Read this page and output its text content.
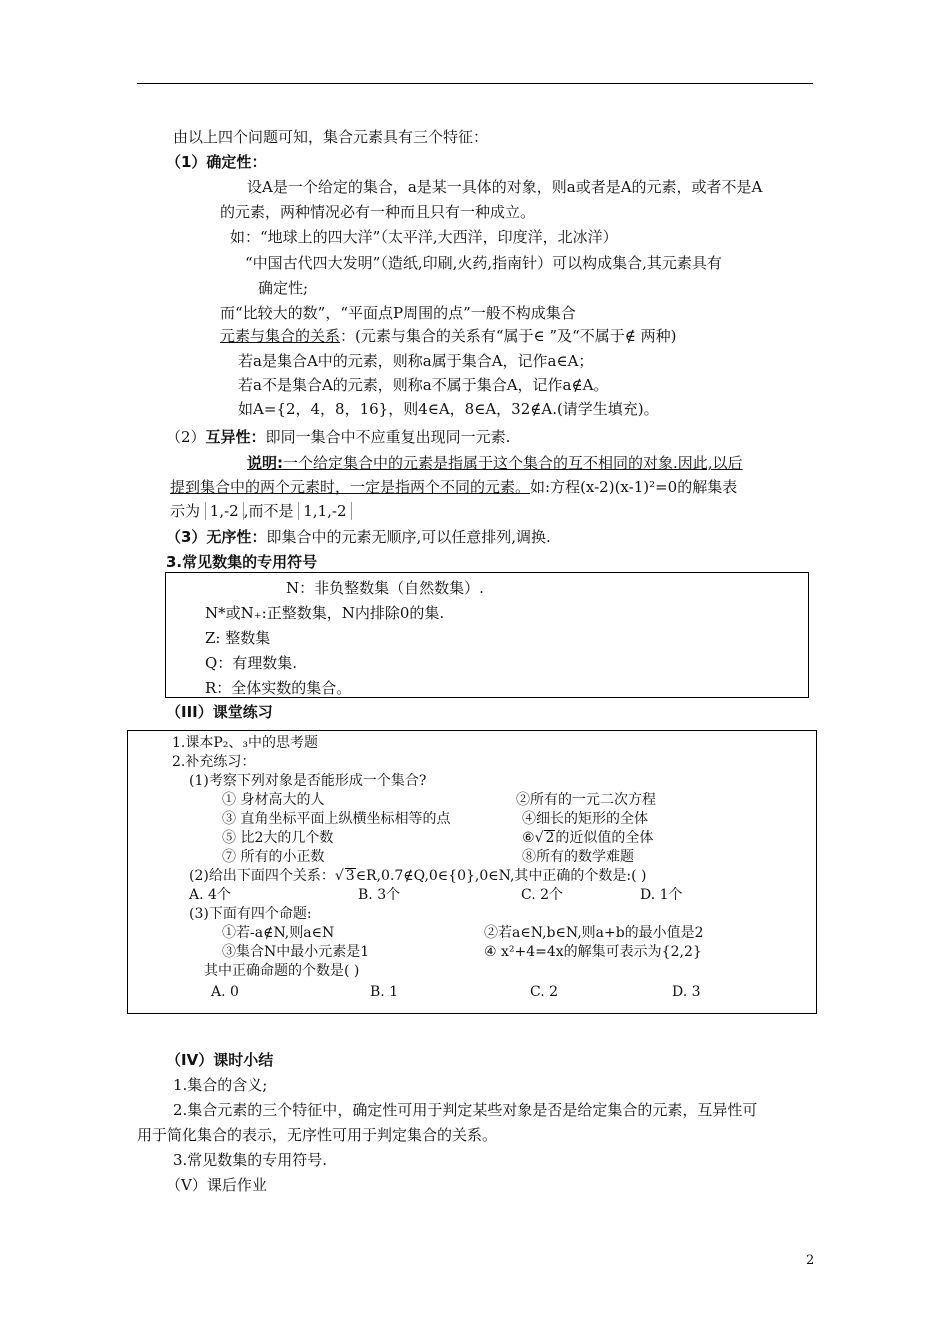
由以上四个问题可知，集合元素具有三个特征：
（1）确定性：
设A是一个给定的集合，a是某一具体的对象，则a或者是A的元素，或者不是A
的元素，两种情况必有一种而且只有一种成立。
如：“地球上的四大洋”（太平洋,大西洋，印度洋，北冰洋）
“中国古代四大发明”（造纸,印刷,火药,指南针）可以构成集合,其元素具有
确定性;
而“比较大的数”，“平面点P周围的点”一般不构成集合
元素与集合的关系：(元素与集合的关系有“属于∈ ”及“不属于∉ 两种)
若a是集合A中的元素，则称a属于集合A，记作a∈A；
若a不是集合A的元素，则称a不属于集合A，记作a∉A。
如A={2，4，8，16}，则4∈A，8∈A，32∉A.(请学生填充)。
（2）互异性：即同一集合中不应重复出现同一元素.
说明:一个给定集合中的元素是指属于这个集合的互不相同的对象.因此,以后
提到集合中的两个元素时，一定是指两个不同的元素。如:方程(x-2)(x-1)²=0的解集表
示为 1,-2 ,而不是 1,1,-2
（3）无序性：即集合中的元素无顺序,可以任意排列,调换.
3.常见数集的专用符号
N：非负整数集（自然数集）.
N*或N₊:正整数集，N内排除0的集.
Z: 整数集
Q：有理数集.
R：全体实数的集合。
（III）课堂练习
1.课本P₂、₃中的思考题
2.补充练习：
(1)考察下列对象是否能形成一个集合?
① 身材高大的人	②所有的一元二次方程
③ 直角坐标平面上纵横坐标相等的点	④细长的矩形的全体
⑤ 比2大的几个数	⑥√ 2的近似值的全体
⑦ 所有的小正数	⑧所有的数学难题
(2)给出下面四个关系：√ 3∈R,0.7∉Q,0∈{0},0∈N,其中正确的个数是:( )
A. 4个	B. 3个	C. 2个	D. 1个
(3)下面有四个命题:
①若-a∉N,则a∈N	②若a∈N,b∈N,则a+b的最小值是2
③集合N中最小元素是1	④ x²+4=4x的解集可表示为{2,2}
其中正确命题的个数是( )
A. 0	B. 1	C. 2	D. 3
（IV）课时小结
1.集合的含义;
2.集合元素的三个特征中，确定性可用于判定某些对象是否是给定集合的元素，互异性可
用于简化集合的表示，无序性可用于判定集合的关系。
3.常见数集的专用符号.
（V）课后作业
2
